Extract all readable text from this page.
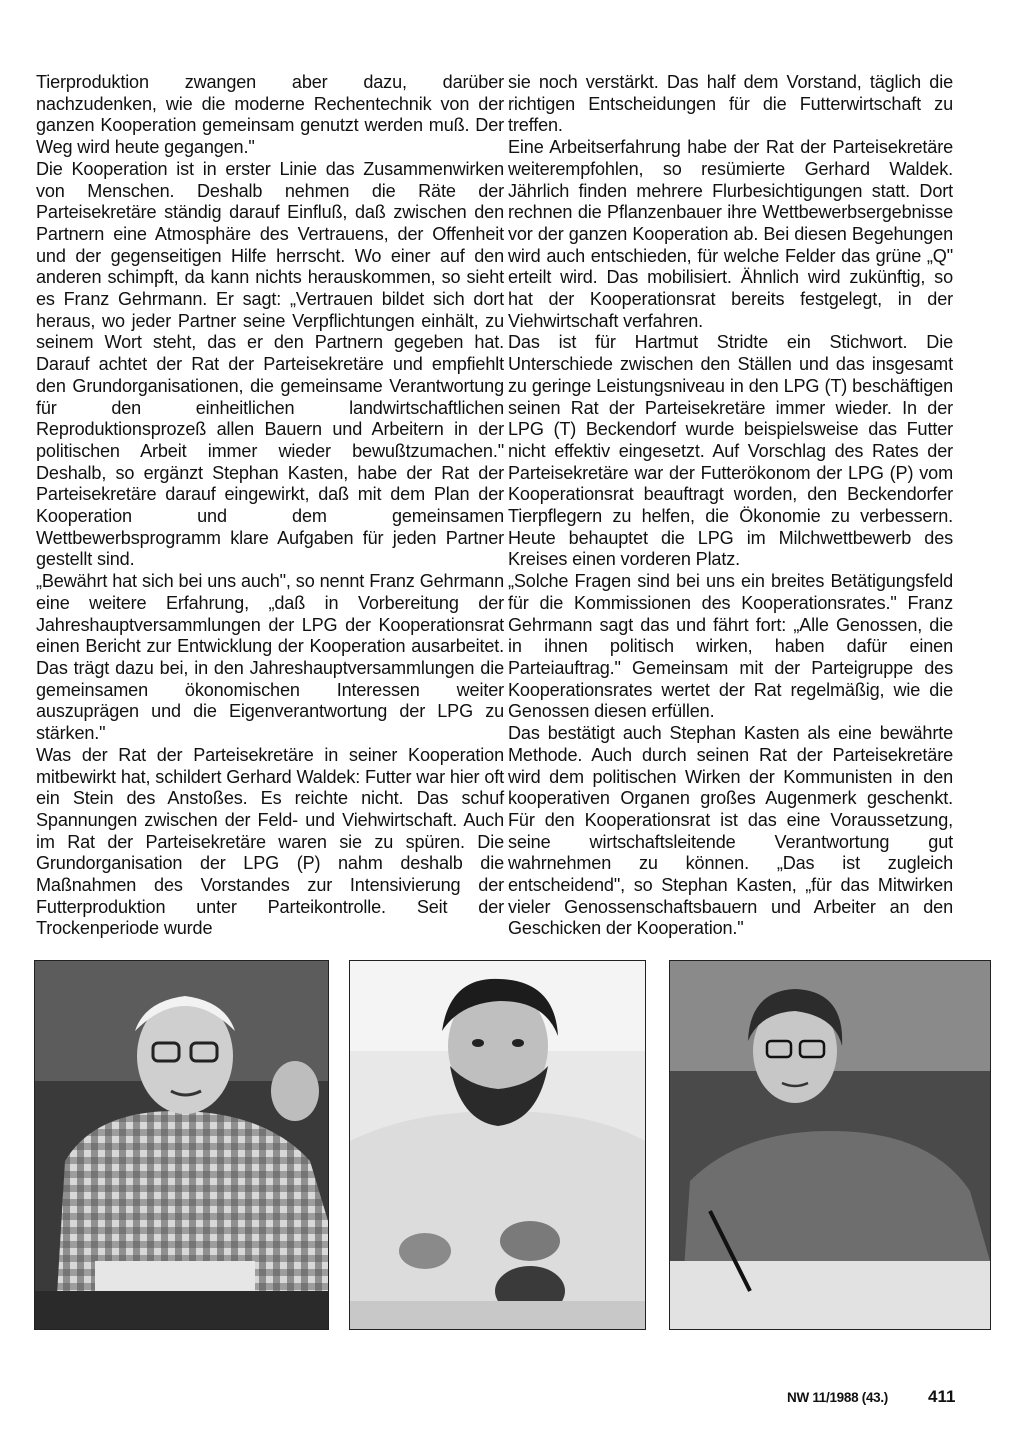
Tierproduktion zwangen aber dazu, darüber nachzudenken, wie die moderne Rechentechnik von der ganzen Kooperation gemeinsam genutzt werden muß. Der Weg wird heute gegangen."

Die Kooperation ist in erster Linie das Zusammenwirken von Menschen. Deshalb nehmen die Räte der Parteisekretäre ständig darauf Einfluß, daß zwischen den Partnern eine Atmosphäre des Vertrauens, der Offenheit und der gegenseitigen Hilfe herrscht. Wo einer auf den anderen schimpft, da kann nichts herauskommen, so sieht es Franz Gehrmann. Er sagt: „Vertrauen bildet sich dort heraus, wo jeder Partner seine Verpflichtungen einhält, zu seinem Wort steht, das er den Partnern gegeben hat. Darauf achtet der Rat der Parteisekretäre und empfiehlt den Grundorganisationen, die gemeinsame Verantwortung für den einheitlichen landwirtschaftlichen Reproduktionsprozeß allen Bauern und Arbeitern in der politischen Arbeit immer wieder bewußtzumachen." Deshalb, so ergänzt Stephan Kasten, habe der Rat der Parteisekretäre darauf eingewirkt, daß mit dem Plan der Kooperation und dem gemeinsamen Wettbewerbsprogramm klare Aufgaben für jeden Partner gestellt sind.

„Bewährt hat sich bei uns auch", so nennt Franz Gehrmann eine weitere Erfahrung, „daß in Vorbereitung der Jahreshauptversammlungen der LPG der Kooperationsrat einen Bericht zur Entwicklung der Kooperation ausarbeitet. Das trägt dazu bei, in den Jahreshauptversammlungen die gemeinsamen ökonomischen Interessen weiter auszuprägen und die Eigenverantwortung der LPG zu stärken."

Was der Rat der Parteisekretäre in seiner Kooperation mitbewirkt hat, schildert Gerhard Waldek: Futter war hier oft ein Stein des Anstoßes. Es reichte nicht. Das schuf Spannungen zwischen der Feld- und Viehwirtschaft. Auch im Rat der Parteisekretäre waren sie zu spüren. Die Grundorganisation der LPG (P) nahm deshalb die Maßnahmen des Vorstandes zur Intensivierung der Futterproduktion unter Parteikontrolle. Seit der Trockenperiode wurde

sie noch verstärkt. Das half dem Vorstand, täglich die richtigen Entscheidungen für die Futterwirtschaft zu treffen.

Eine Arbeitserfahrung habe der Rat der Parteisekretäre weiterempfohlen, so resümierte Gerhard Waldek. Jährlich finden mehrere Flurbesichtigungen statt. Dort rechnen die Pflanzenbauer ihre Wettbewerbsergebnisse vor der ganzen Kooperation ab. Bei diesen Begehungen wird auch entschieden, für welche Felder das grüne „Q" erteilt wird. Das mobilisiert. Ähnlich wird zukünftig, so hat der Kooperationsrat bereits festgelegt, in der Viehwirtschaft verfahren.

Das ist für Hartmut Stridte ein Stichwort. Die Unterschiede zwischen den Ställen und das insgesamt zu geringe Leistungsniveau in den LPG (T) beschäftigen seinen Rat der Parteisekretäre immer wieder. In der LPG (T) Beckendorf wurde beispielsweise das Futter nicht effektiv eingesetzt. Auf Vorschlag des Rates der Parteisekretäre war der Futterökonom der LPG (P) vom Kooperationsrat beauftragt worden, den Beckendorfer Tierpflegern zu helfen, die Ökonomie zu verbessern. Heute behauptet die LPG im Milchwettbewerb des Kreises einen vorderen Platz.

„Solche Fragen sind bei uns ein breites Betätigungsfeld für die Kommissionen des Kooperationsrates." Franz Gehrmann sagt das und fährt fort: „Alle Genossen, die in ihnen politisch wirken, haben dafür einen Parteiauftrag." Gemeinsam mit der Parteigruppe des Kooperationsrates wertet der Rat regelmäßig, wie die Genossen diesen erfüllen.

Das bestätigt auch Stephan Kasten als eine bewährte Methode. Auch durch seinen Rat der Parteisekretäre wird dem politischen Wirken der Kommunisten in den kooperativen Organen großes Augenmerk geschenkt. Für den Kooperationsrat ist das eine Voraussetzung, seine wirtschaftsleitende Verantwortung gut wahrnehmen zu können. „Das ist zugleich entscheidend", so Stephan Kasten, „für das Mitwirken vieler Genossenschaftsbauern und Arbeiter an den Geschicken der Kooperation."

NW 11/1988 (43.) 411
